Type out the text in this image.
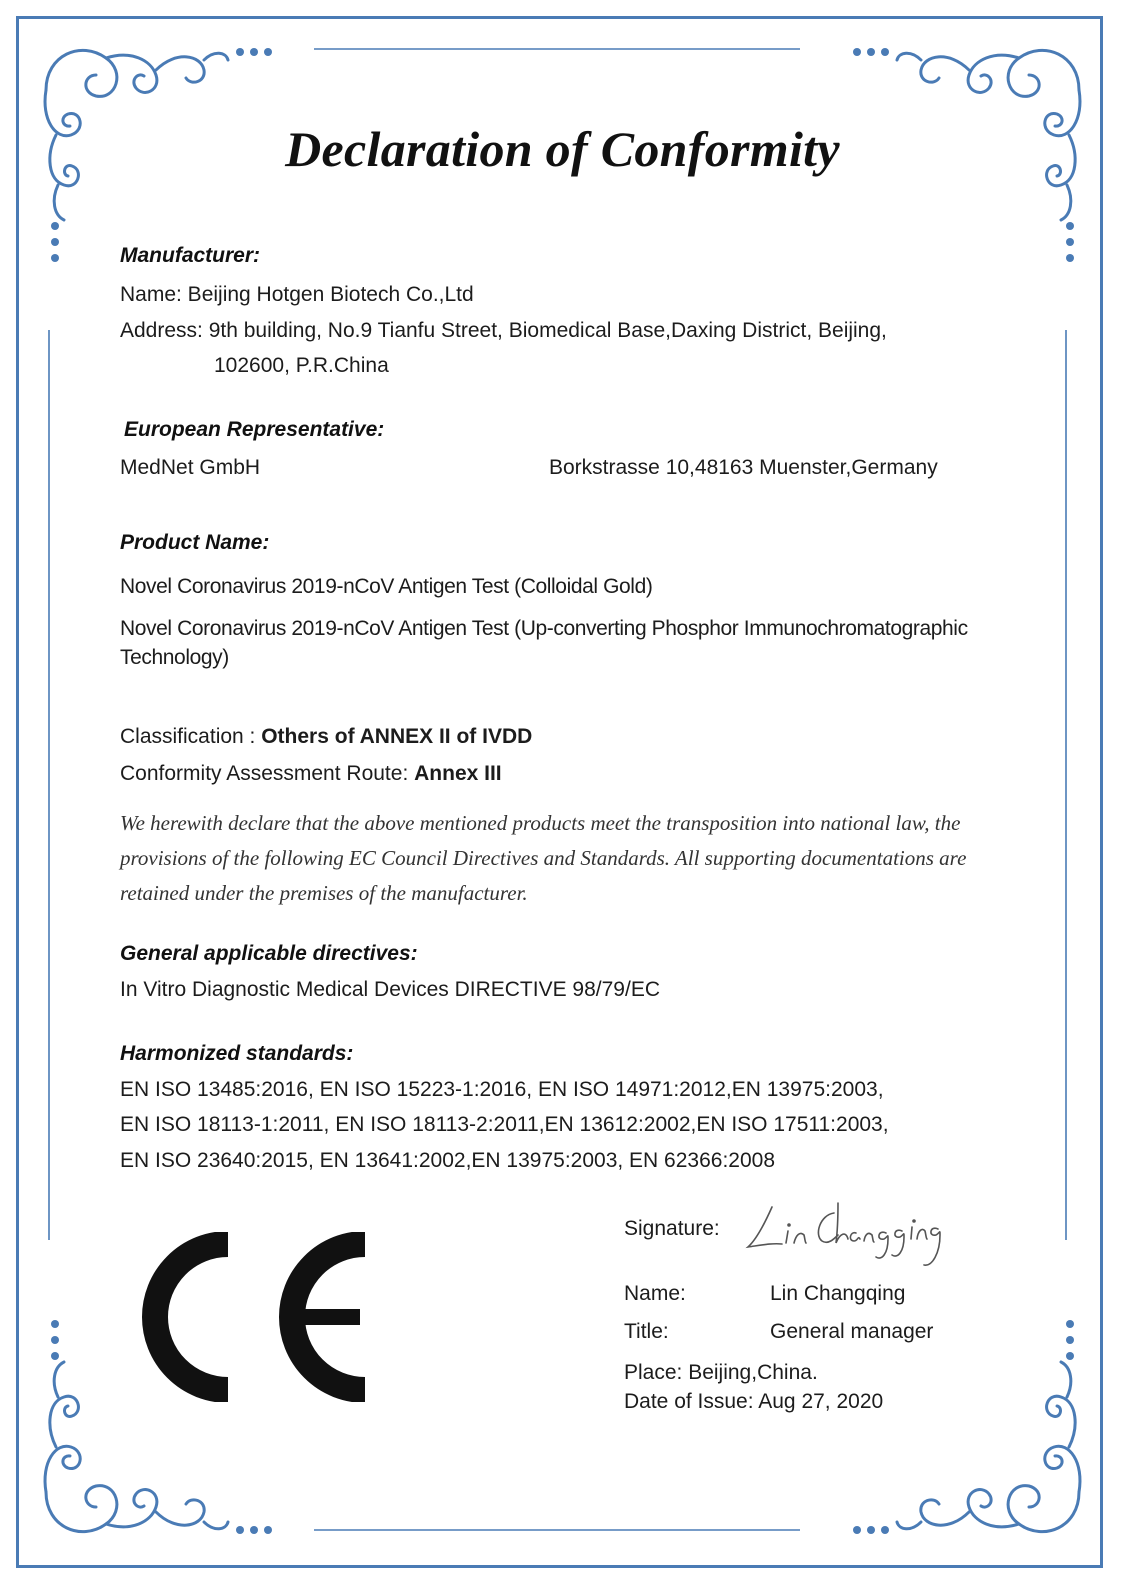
Declaration of Conformity
Manufacturer:
Name: Beijing Hotgen Biotech Co.,Ltd
Address: 9th building, No.9 Tianfu Street, Biomedical Base,Daxing District, Beijing,
102600, P.R.China
European Representative:
MedNet GmbH	Borkstrasse 10,48163 Muenster,Germany
Product Name:
Novel Coronavirus 2019-nCoV Antigen Test (Colloidal Gold)
Novel Coronavirus 2019-nCoV Antigen Test (Up-converting Phosphor Immunochromatographic
Technology)
Classification : Others of ANNEX II of IVDD
Conformity Assessment Route: Annex III
We herewith declare that the above mentioned products meet the transposition into national law, the
provisions of the following EC Council Directives and Standards. All supporting documentations are
retained under the premises of the manufacturer.
General applicable directives:
In Vitro Diagnostic Medical Devices DIRECTIVE 98/79/EC
Harmonized standards:
EN ISO 13485:2016, EN ISO 15223-1:2016, EN ISO 14971:2012,EN 13975:2003,
EN ISO 18113-1:2011, EN ISO 18113-2:2011,EN 13612:2002,EN ISO 17511:2003,
EN ISO 23640:2015, EN 13641:2002,EN 13975:2003, EN 62366:2008
Signature:
Name:	Lin Changqing
Title:	General manager
Place: Beijing,China.
Date of Issue: Aug 27, 2020
